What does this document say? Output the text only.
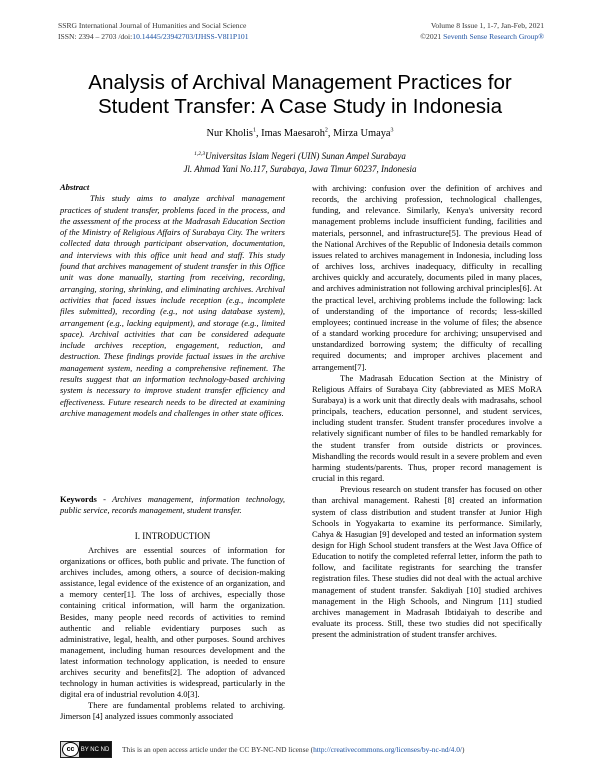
SSRG International Journal of Humanities and Social Science
ISSN: 2394 – 2703 /doi:10.14445/23942703/IJHSS-V8I1P101
Volume 8 Issue 1, 1-7, Jan-Feb, 2021
©2021 Seventh Sense Research Group®
Analysis of Archival Management Practices for
Student Transfer: A Case Study in Indonesia
Nur Kholis$^1$, Imas Maesaroh$^2$, Mirza Umaya$^3$
$^{1,2,3}$Universitas Islam Negeri (UIN) Sunan Ampel Surabaya
Jl. Ahmad Yani No.117, Surabaya, Jawa Timur 60237, Indonesia
Abstract
This study aims to analyze archival management practices of student transfer, problems faced in the process, and the assessment of the process at the Madrasah Education Section of the Ministry of Religious Affairs of Surabaya City. The writers collected data through participant observation, documentation, and interviews with this office unit head and staff. This study found that archives management of student transfer in this Office unit was done manually, starting from receiving, recording, arranging, storing, shrinking, and eliminating archives. Archival activities that faced issues include reception (e.g., incomplete files submitted), recording (e.g., not using database system), arrangement (e.g., lacking equipment), and storage (e.g., limited space). Archival activities that can be considered adequate include archives reception, engagement, reduction, and destruction. These findings provide factual issues in the archive management system, needing a comprehensive refinement. The results suggest that an information technology-based archiving system is necessary to improve student transfer efficiency and effectiveness. Future research needs to be directed at examining archive management models and challenges in other state offices.
Keywords - Archives management, information technology, public service, records management, student transfer.
I. INTRODUCTION

Archives are essential sources of information for organizations or offices, both public and private. The function of archives includes, among others, a source of decision-making assistance, legal evidence of the existence of an organization, and a memory center[1]. The loss of archives, especially those containing critical information, will harm the organization. Besides, many people need records of activities to remind authentic and reliable evidentiary purposes such as administrative, legal, health, and other purposes. Sound archives management, including human resources development and the latest information technology application, is needed to ensure archives security and benefits[2]. The adoption of advanced technology in human activities is widespread, particularly in the digital era of industrial revolution 4.0[3].

There are fundamental problems related to archiving. Jimerson [4] analyzed issues commonly associated

with archiving: confusion over the definition of archives and records, the archiving profession, technological challenges, funding, and relevance. Similarly, Kenya's university record management problems include insufficient funding, facilities and materials, personnel, and infrastructure[5]. The previous Head of the National Archives of the Republic of Indonesia details common issues related to archives management in Indonesia, including loss of archives loss, archives inadequacy, difficulty in recalling archives quickly and accurately, documents piled in many places, and archives administration not following archival principles[6]. At the practical level, archiving problems include the following: lack of understanding of the importance of records; less-skilled employees; continued increase in the volume of files; the absence of a standard working procedure for archiving; unsupervised and unstandardized borrowing system; the difficulty of recalling required documents; and improper archives placement and arrangement[7].

The Madrasah Education Section at the Ministry of Religious Affairs of Surabaya City (abbreviated as MES MoRA Surabaya) is a work unit that directly deals with madrasahs, school principals, teachers, education personnel, and student services, including student transfer. Student transfer procedures involve a relatively significant number of files to be handled remarkably for the student transfer from outside districts or provinces. Mishandling the records would result in a severe problem and even harming students/parents. Thus, proper record management is crucial in this regard.

Previous research on student transfer has focused on other than archival management. Rahesti [8] created an information system of class distribution and student transfer at Junior High Schools in Yogyakarta to examine its performance. Similarly, Cahya & Hasugian [9] developed and tested an information system design for High School student transfers at the West Java Office of Education to notify the completed referral letter, inform the path to follow, and facilitate registrants for searching the transfer registration files. These studies did not deal with the actual archive management of student transfer. Sakdiyah [10] studied archives management in the High Schools, and Ningrum [11] studied archives management in Madrasah Ibtidaiyah to describe and evaluate its process. Still, these two studies did not specifically present the administration of student transfer archives.

cc	BY NC ND This is an open access article under the CC BY-NC-ND license (http://creativecommons.org/licenses/by-nc-nd/4.0/)
